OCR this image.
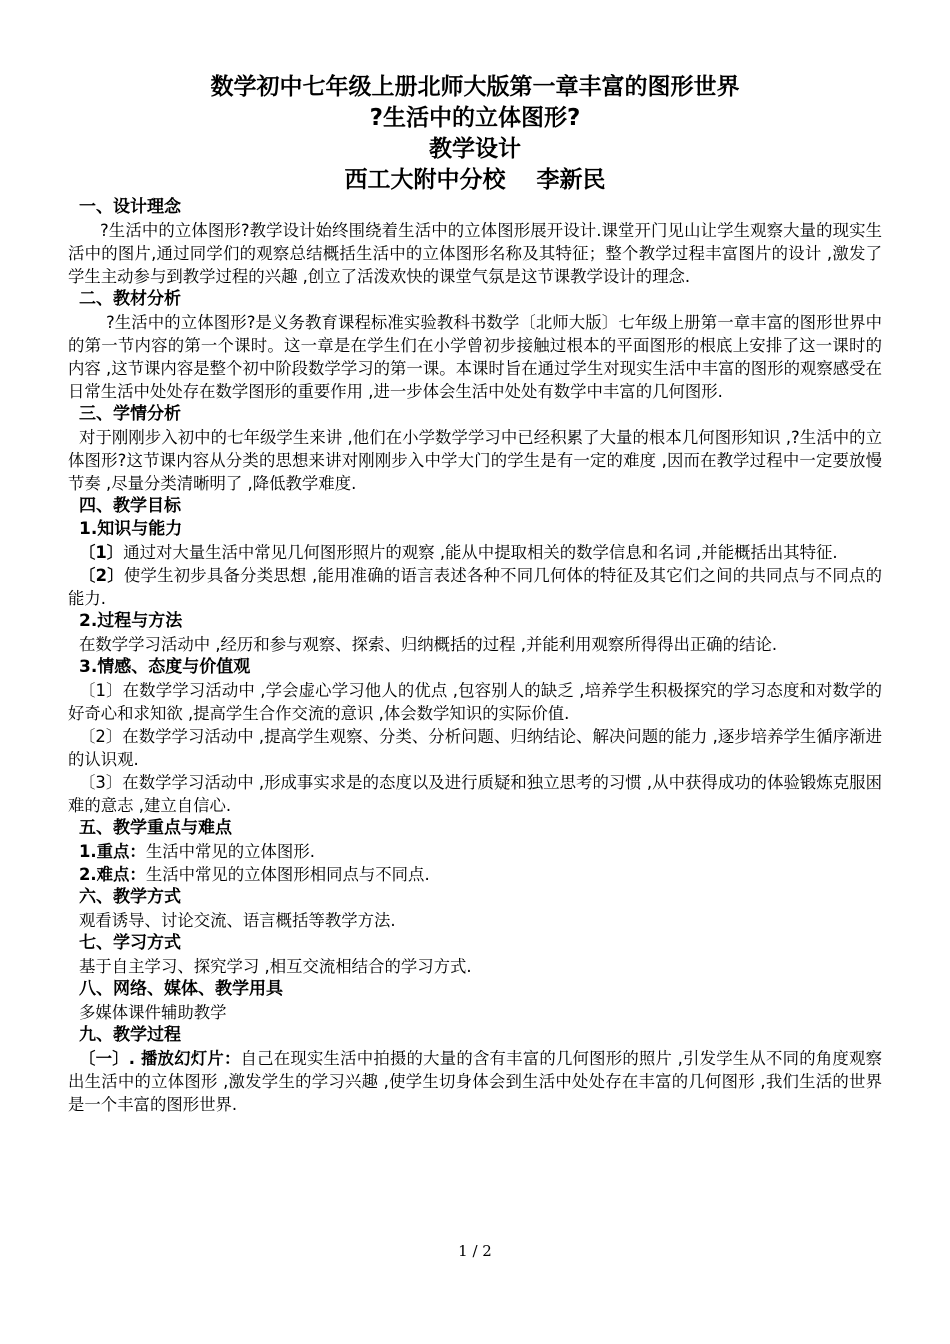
数学初中七年级上册北师大版第一章丰富的图形世界
?生活中的立体图形?
教学设计
西工大附中分校　 李新民
一、设计理念

?生活中的立体图形?教学设计始终围绕着生活中的立体图形展开设计.课堂开门见山让学生观察大量的现实生活中的图片,通过同学们的观察总结概括生活中的立体图形名称及其特征；整个教学过程丰富图片的设计 ,激发了学生主动参与到教学过程的兴趣 ,创立了活泼欢快的课堂气氛是这节课教学设计的理念.

二、教材分析

?生活中的立体图形?是义务教育课程标准实验教科书数学〔北师大版〕七年级上册第一章丰富的图形世界中的第一节内容的第一个课时。这一章是在学生们在小学曾初步接触过根本的平面图形的根底上安排了这一课时的内容 ,这节课内容是整个初中阶段数学学习的第一课。本课时旨在通过学生对现实生活中丰富的图形的观察感受在日常生活中处处存在数学图形的重要作用 ,进一步体会生活中处处有数学中丰富的几何图形.

三、学情分析

对于刚刚步入初中的七年级学生来讲 ,他们在小学数学学习中已经积累了大量的根本几何图形知识 ,?生活中的立体图形?这节课内容从分类的思想来讲对刚刚步入中学大门的学生是有一定的难度 ,因而在教学过程中一定要放慢节奏 ,尽量分类清晰明了 ,降低教学难度.

四、教学目标
1.知识与能力

〔1〕通过对大量生活中常见几何图形照片的观察 ,能从中提取相关的数学信息和名词 ,并能概括出其特征.

〔2〕使学生初步具备分类思想 ,能用准确的语言表述各种不同几何体的特征及其它们之间的共同点与不同点的能力.

2.过程与方法

在数学学习活动中 ,经历和参与观察、探索、归纳概括的过程 ,并能利用观察所得得出正确的结论.

3.情感、态度与价值观

〔1〕在数学学习活动中 ,学会虚心学习他人的优点 ,包容别人的缺乏 ,培养学生积极探究的学习态度和对数学的好奇心和求知欲 ,提高学生合作交流的意识 ,体会数学知识的实际价值.

〔2〕在数学学习活动中 ,提高学生观察、分类、分析问题、归纳结论、解决问题的能力 ,逐步培养学生循序渐进的认识观.

〔3〕在数学学习活动中 ,形成事实求是的态度以及进行质疑和独立思考的习惯 ,从中获得成功的体验锻炼克服困难的意志 ,建立自信心.

五、教学重点与难点

1.重点：生活中常见的立体图形.

2.难点：生活中常见的立体图形相同点与不同点.

六、教学方式

观看诱导、讨论交流、语言概括等教学方法.

七、学习方式

基于自主学习、探究学习 ,相互交流相结合的学习方式.

八、网络、媒体、教学用具

多媒体课件辅助教学

九、教学过程

〔一〕. 播放幻灯片：自己在现实生活中拍摄的大量的含有丰富的几何图形的照片 ,引发学生从不同的角度观察出生活中的立体图形 ,激发学生的学习兴趣 ,使学生切身体会到生活中处处存在丰富的几何图形 ,我们生活的世界是一个丰富的图形世界.

1 / 2
